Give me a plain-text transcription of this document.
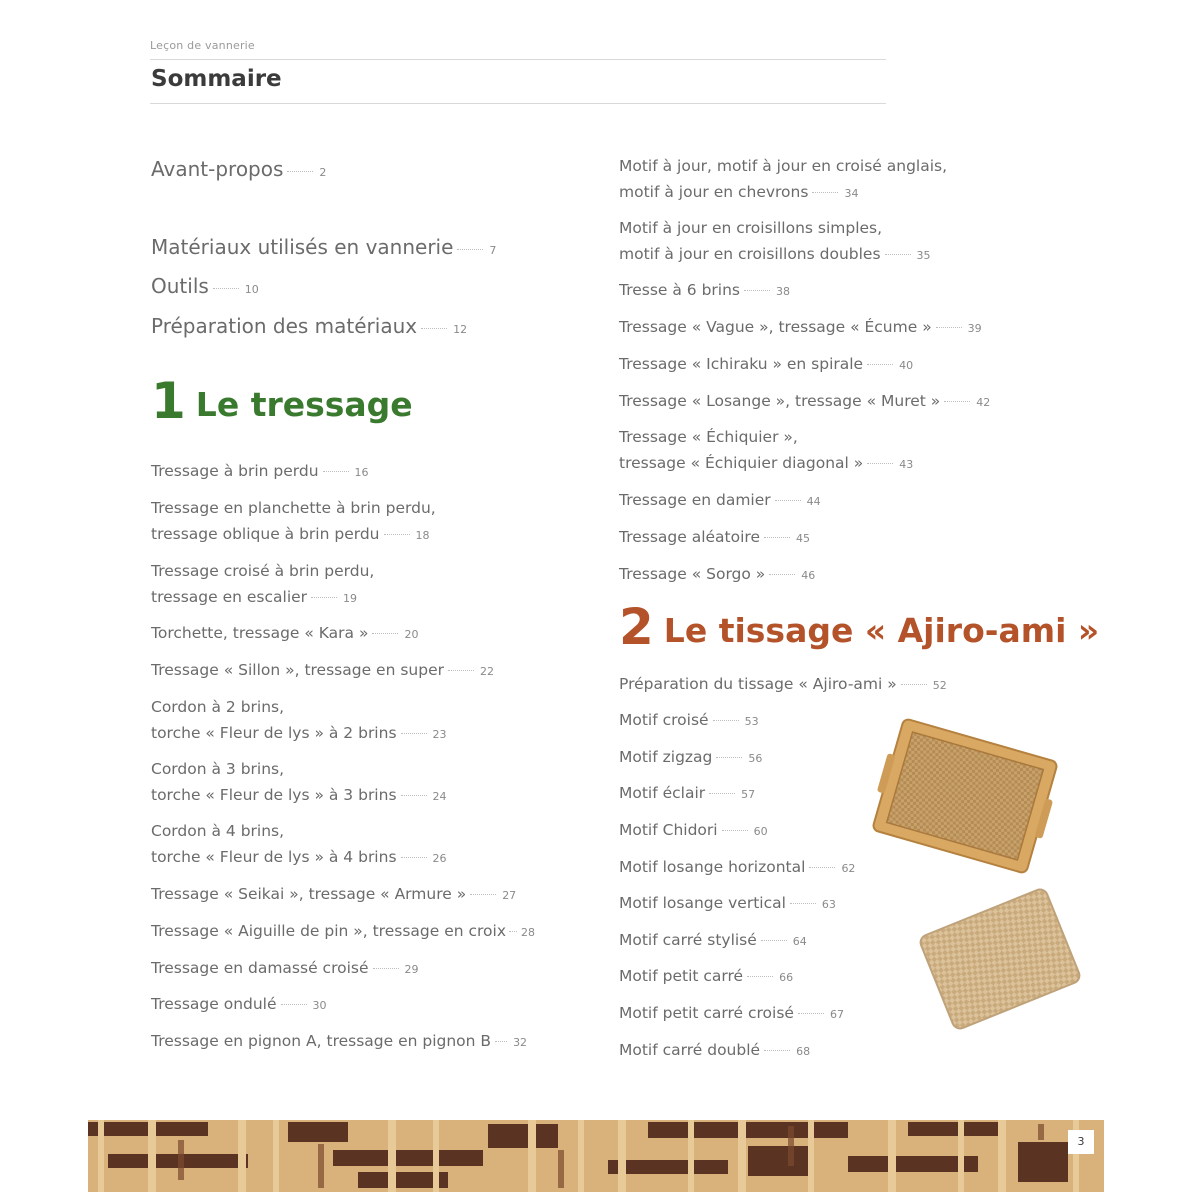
Leçon de vannerie
Sommaire
Avant-propos	2
Matériaux utilisés en vannerie	7
Outils	10
Préparation des matériaux	12
1 Le tressage
Tressage à brin perdu	16
Tressage en planchette à brin perdu,
tressage oblique à brin perdu	18
Tressage croisé à brin perdu,
tressage en escalier	19
Torchette, tressage « Kara »	20
Tressage « Sillon », tressage en super	22
Cordon à 2 brins,
torche « Fleur de lys » à 2 brins	23
Cordon à 3 brins,
torche « Fleur de lys » à 3 brins	24
Cordon à 4 brins,
torche « Fleur de lys » à 4 brins	26
Tressage « Seikai », tressage « Armure »	27
Tressage « Aiguille de pin », tressage en croix 28
Tressage en damassé croisé	29
Tressage ondulé	30
Tressage en pignon A, tressage en pignon B 32
Motif à jour, motif à jour en croisé anglais,
motif à jour en chevrons	34
Motif à jour en croisillons simples,
motif à jour en croisillons doubles	35
Tresse à 6 brins	38
Tressage « Vague », tressage « Écume »	39
Tressage « Ichiraku » en spirale	40
Tressage « Losange », tressage « Muret »	42
Tressage « Échiquier »,
tressage « Échiquier diagonal »	43
Tressage en damier	44
Tressage aléatoire	45
Tressage « Sorgo »	46
2 Le tissage « Ajiro-ami »
Préparation du tissage « Ajiro-ami »	52
Motif croisé	53
Motif zigzag	56
Motif éclair	57
Motif Chidori	60
Motif losange horizontal	62
Motif losange vertical	63
Motif carré stylisé	64
Motif petit carré	66
Motif petit carré croisé	67
Motif carré doublé	68
3
